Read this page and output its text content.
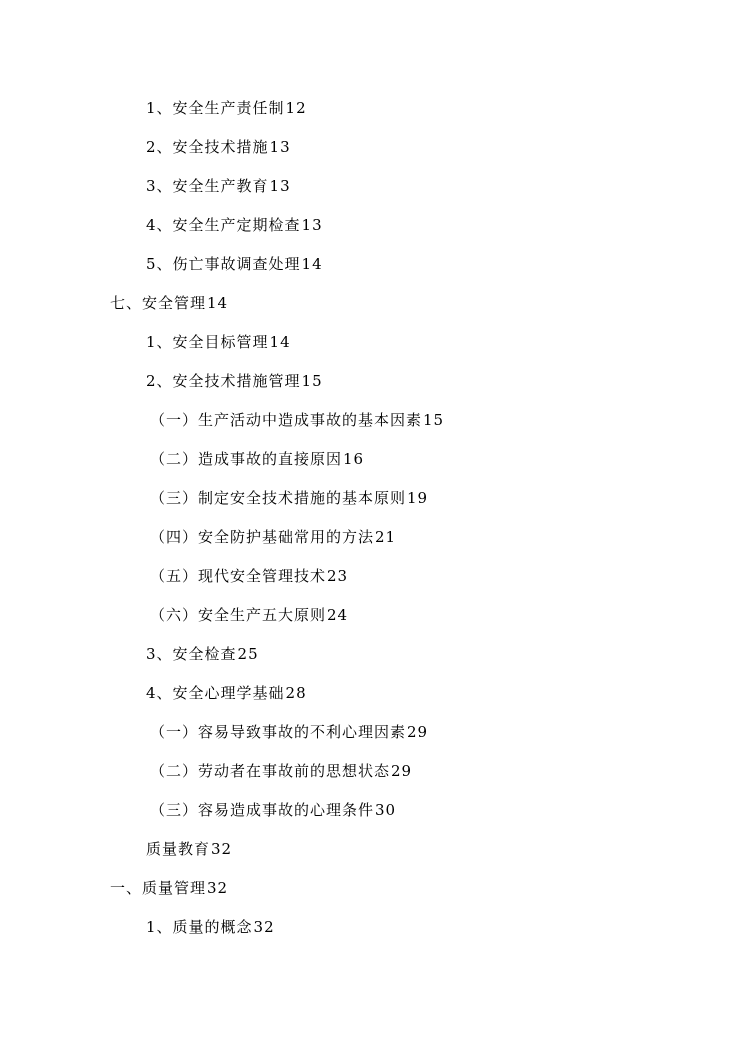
1、安全生产责任制12
2、安全技术措施13
3、安全生产教育13
4、安全生产定期检查13
5、伤亡事故调查处理14
七、安全管理14
1、安全目标管理14
2、安全技术措施管理15
（一）生产活动中造成事故的基本因素15
（二）造成事故的直接原因16
（三）制定安全技术措施的基本原则19
（四）安全防护基础常用的方法21
（五）现代安全管理技术23
（六）安全生产五大原则24
3、安全检查25
4、安全心理学基础28
（一）容易导致事故的不利心理因素29
（二）劳动者在事故前的思想状态29
（三）容易造成事故的心理条件30
质量教育32
一、质量管理32
1、质量的概念32
